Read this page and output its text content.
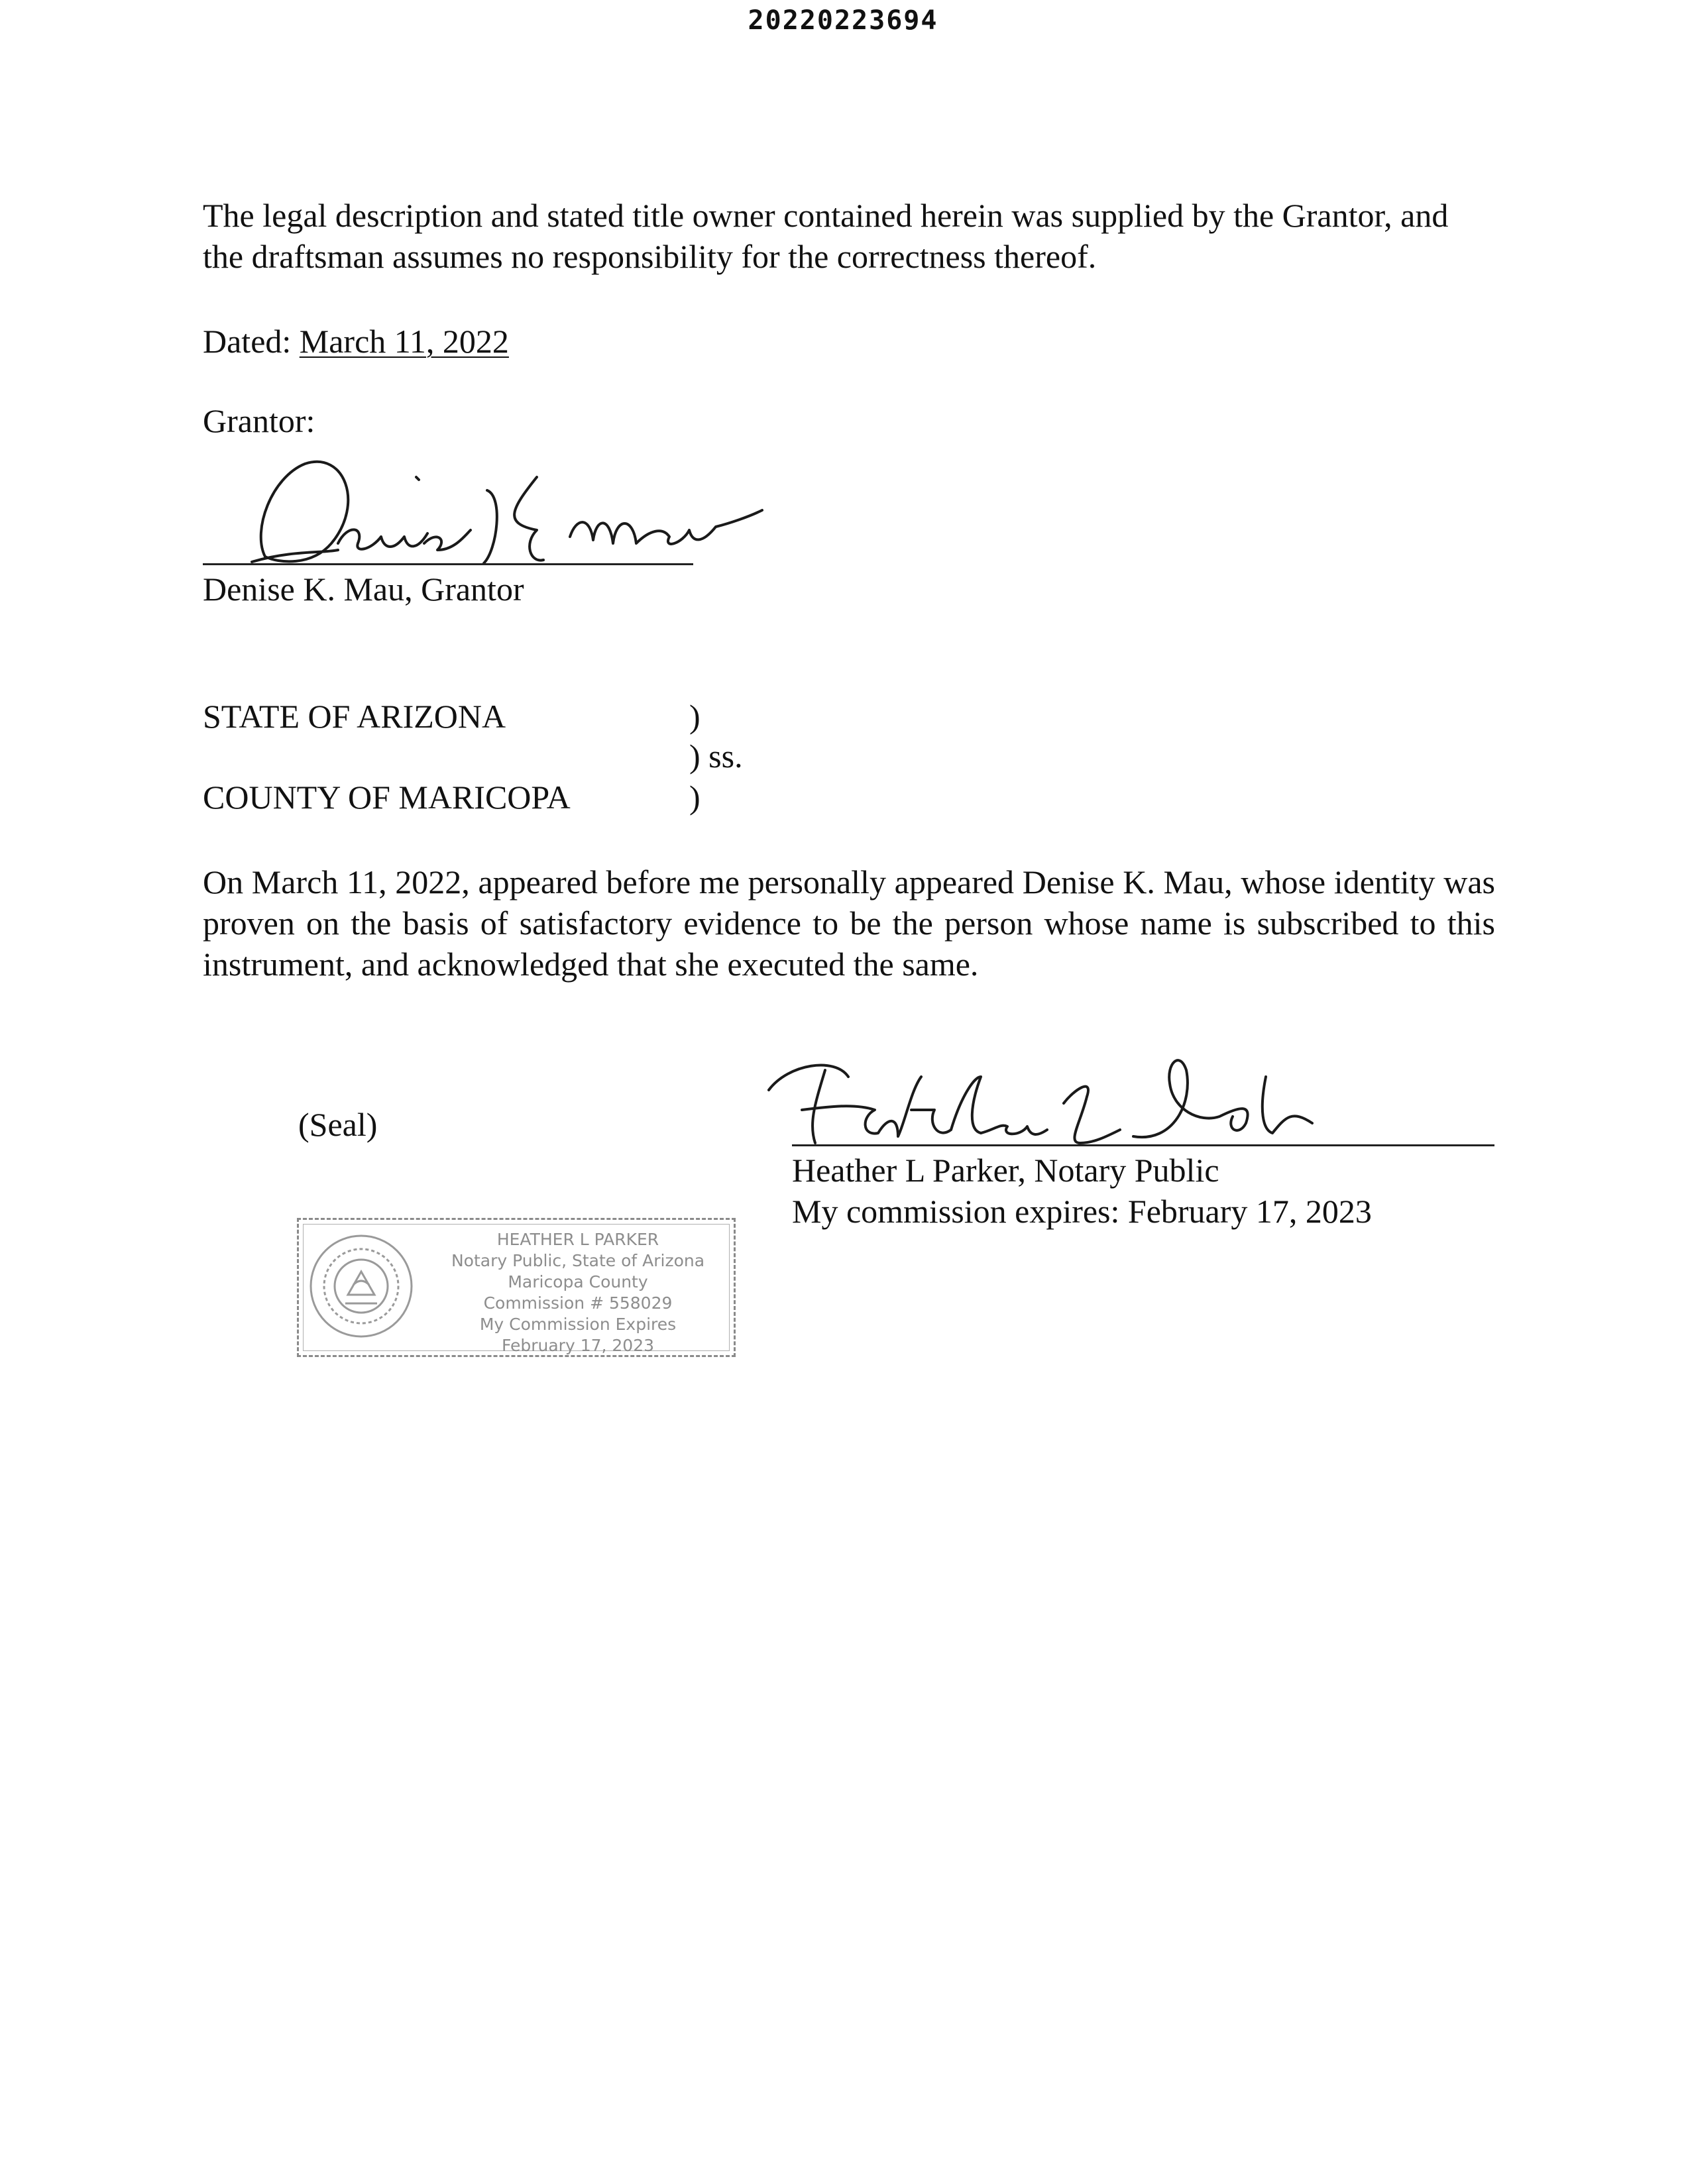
20220223694
The legal description and stated title owner contained herein was supplied by the Grantor, and the draftsman assumes no responsibility for the correctness thereof.
Dated: March 11, 2022
Grantor:
Denise K. Mau, Grantor
STATE OF ARIZONA
COUNTY OF MARICOPA
)
) ss.
)
On March 11, 2022, appeared before me personally appeared Denise K. Mau, whose identity was proven on the basis of satisfactory evidence to be the person whose name is subscribed to this instrument, and acknowledged that she executed the same.
(Seal)
Heather L Parker, Notary Public
My commission expires: February 17, 2023
HEATHER L PARKER
Notary Public, State of Arizona
Maricopa County
Commission # 558029
My Commission Expires
February 17, 2023
